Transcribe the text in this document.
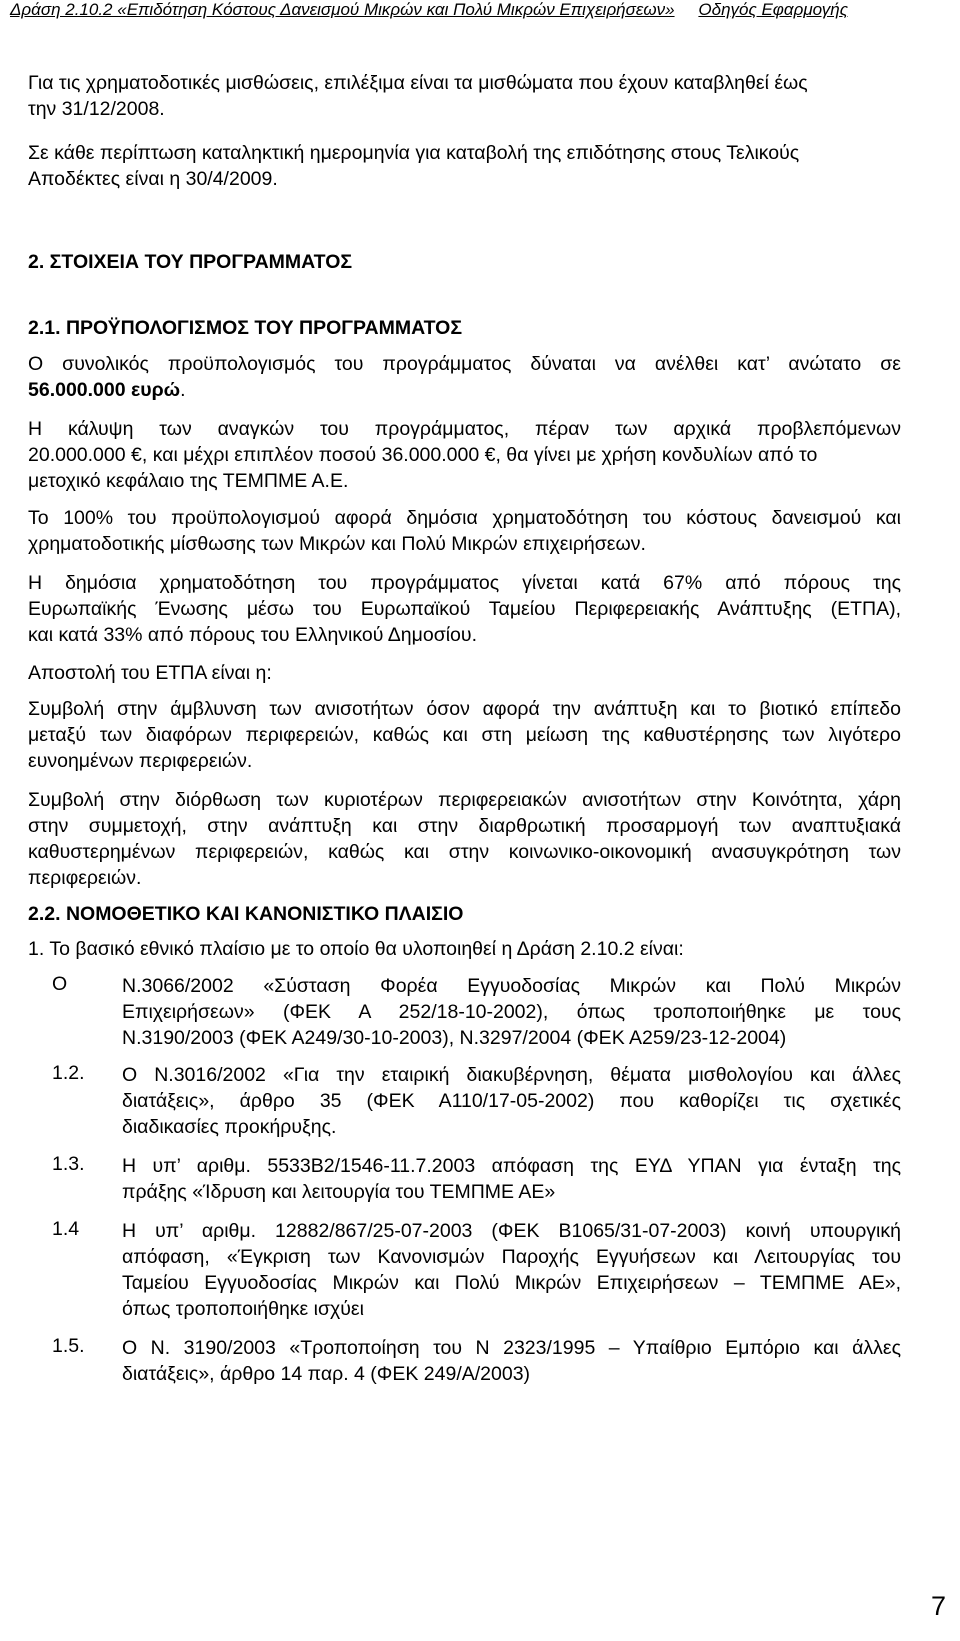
Δράση 2.10.2 «Επιδότηση Κόστους Δανεισμού Μικρών και Πολύ Μικρών Επιχειρήσεων» Οδηγός Εφαρμογής
Για τις χρηματοδοτικές μισθώσεις, επιλέξιμα είναι τα μισθώματα που έχουν καταβληθεί έως
την 31/12/2008.
Σε κάθε περίπτωση καταληκτική ημερομηνία για καταβολή της επιδότησης στους Τελικούς
Αποδέκτες είναι η 30/4/2009.
2. ΣΤΟΙΧΕΙΑ ΤΟΥ ΠΡΟΓΡΑΜΜΑΤΟΣ
2.1. ΠΡΟΫΠΟΛΟΓΙΣΜΟΣ ΤΟΥ ΠΡΟΓΡΑΜΜΑΤΟΣ
Ο συνολικός προϋπολογισμός του προγράμματος δύναται να ανέλθει κατ’ ανώτατο σε
56.000.000 ευρώ.
Η κάλυψη των αναγκών του προγράμματος, πέραν των αρχικά προβλεπόμενων
20.000.000 €, και μέχρι επιπλέον ποσού 36.000.000 €, θα γίνει με χρήση κονδυλίων από το
μετοχικό κεφάλαιο της ΤΕΜΠΜΕ Α.Ε.
Το 100% του προϋπολογισμού αφορά δημόσια χρηματοδότηση του κόστους δανεισμού και
χρηματοδοτικής μίσθωσης των Μικρών και Πολύ Μικρών επιχειρήσεων.
Η δημόσια χρηματοδότηση του προγράμματος γίνεται κατά 67% από πόρους της
Ευρωπαϊκής Ένωσης μέσω του Ευρωπαϊκού Ταμείου Περιφερειακής Ανάπτυξης (ΕΤΠΑ),
και κατά 33% από πόρους του Ελληνικού Δημοσίου.
Αποστολή του ΕΤΠΑ είναι η:
Συμβολή στην άμβλυνση των ανισοτήτων όσον αφορά την ανάπτυξη και το βιοτικό επίπεδο
μεταξύ των διαφόρων περιφερειών, καθώς και στη μείωση της καθυστέρησης των λιγότερο
ευνοημένων περιφερειών.
Συμβολή στην διόρθωση των κυριοτέρων περιφερειακών ανισοτήτων στην Κοινότητα, χάρη
στην συμμετοχή, στην ανάπτυξη και στην διαρθρωτική προσαρμογή των αναπτυξιακά
καθυστερημένων περιφερειών, καθώς και στην κοινωνικο-οικονομική ανασυγκρότηση των
περιφερειών.
2.2. ΝΟΜΟΘΕΤΙΚΟ ΚΑΙ ΚΑΝΟΝΙΣΤΙΚΟ ΠΛΑΙΣΙΟ
1. Το βασικό εθνικό πλαίσιο με το οποίο θα υλοποιηθεί η Δράση 2.10.2 είναι:
Ο	Ν.3066/2002 «Σύσταση Φορέα Εγγυοδοσίας Μικρών και Πολύ Μικρών
Επιχειρήσεων» (ΦΕΚ Α 252/18-10-2002), όπως τροποποιήθηκε με τους
Ν.3190/2003 (ΦΕΚ Α249/30-10-2003), Ν.3297/2004 (ΦΕΚ Α259/23-12-2004)
1.2. Ο Ν.3016/2002 «Για την εταιρική διακυβέρνηση, θέματα μισθολογίου και άλλες
διατάξεις», άρθρο 35 (ΦΕΚ Α110/17-05-2002) που καθορίζει τις σχετικές
διαδικασίες προκήρυξης.
1.3. Η υπ’ αριθμ. 5533Β2/1546-11.7.2003 απόφαση της ΕΥΔ ΥΠΑΝ για ένταξη της
πράξης «Ίδρυση και λειτουργία του ΤΕΜΠΜΕ ΑΕ»
1.4 Η υπ’ αριθμ. 12882/867/25-07-2003 (ΦΕΚ Β1065/31-07-2003) κοινή υπουργική
απόφαση, «Έγκριση των Κανονισμών Παροχής Εγγυήσεων και Λειτουργίας του
Ταμείου Εγγυοδοσίας Μικρών και Πολύ Μικρών Επιχειρήσεων – ΤΕΜΠΜΕ ΑΕ»,
όπως τροποποιήθηκε ισχύει
1.5. Ο Ν. 3190/2003 «Τροποποίηση του Ν 2323/1995 – Υπαίθριο Εμπόριο και άλλες
διατάξεις», άρθρο 14 παρ. 4 (ΦΕΚ 249/Α/2003)
7
